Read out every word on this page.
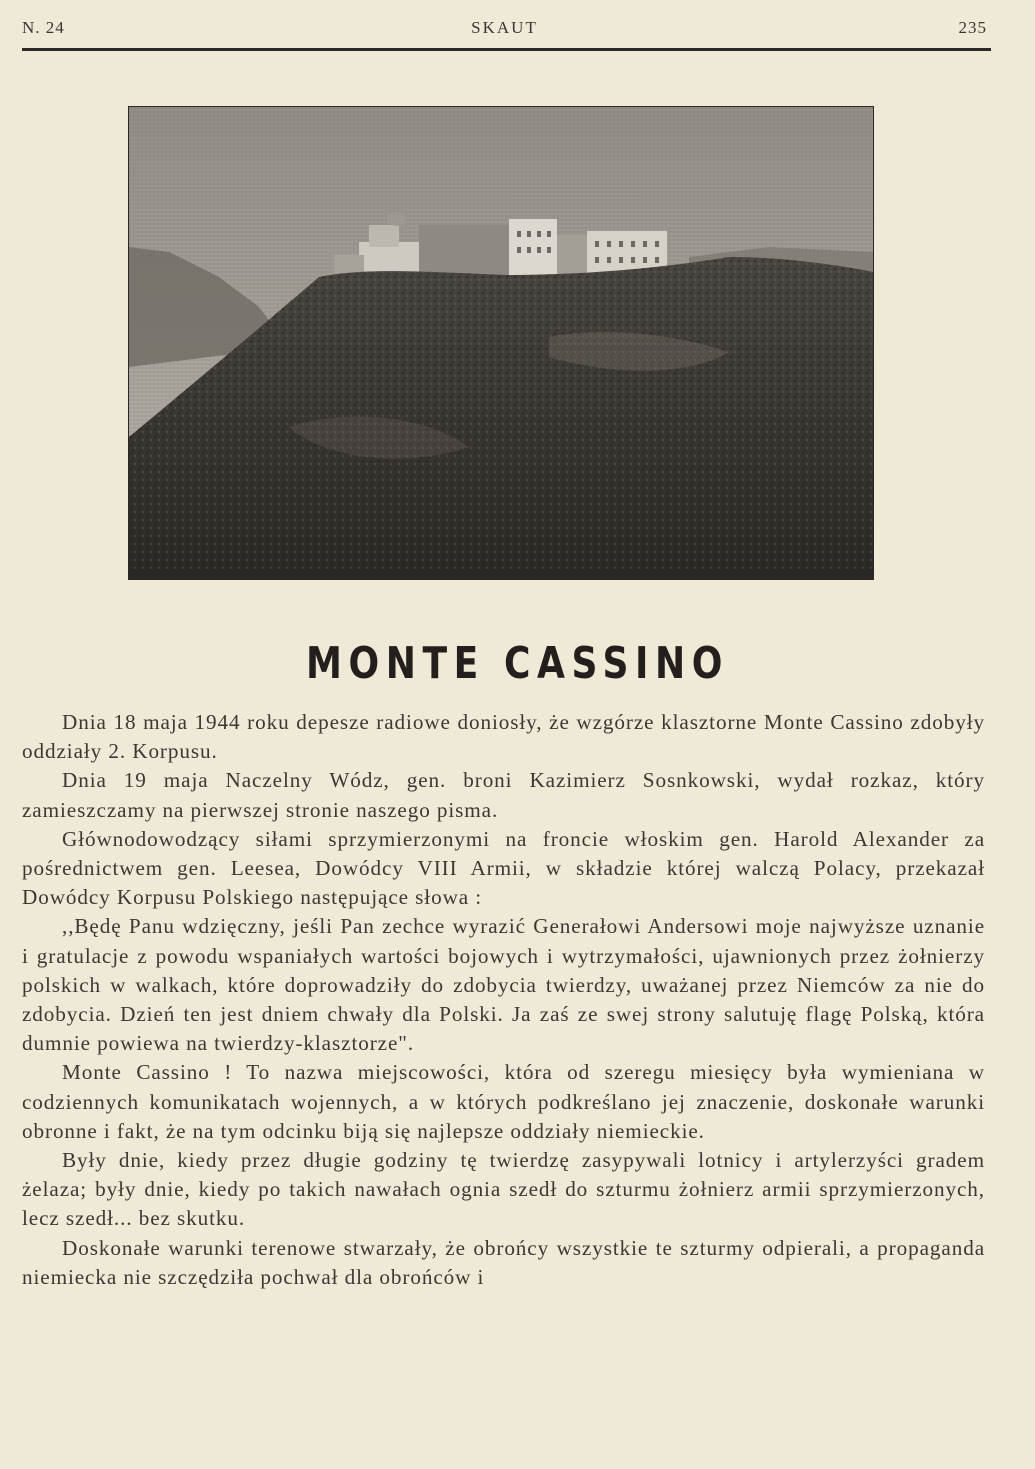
N. 24	SKAUT	235
MONTE CASSINO

Dnia 18 maja 1944 roku depesze radiowe doniosły, że wzgórze klasztorne Monte Cassino zdobyły oddziały 2. Korpusu.

Dnia 19 maja Naczelny Wódz, gen. broni Kazimierz Sosnkowski, wydał rozkaz, który zamieszczamy na pierwszej stronie naszego pisma.

Głównodowodzący siłami sprzymierzonymi na froncie włoskim gen. Harold Alexander za pośrednictwem gen. Leesea, Dowódcy VIII Armii, w składzie której walczą Polacy, przekazał Dowódcy Korpusu Polskiego następujące słowa :

,,Będę Panu wdzięczny, jeśli Pan zechce wyrazić Generałowi Andersowi moje najwyższe uznanie i gratulacje z powodu wspaniałych wartości bojowych i wytrzymałości, ujawnionych przez żołnierzy polskich w walkach, które doprowadziły do zdobycia twierdzy, uważanej przez Niemców za nie do zdobycia. Dzień ten jest dniem chwały dla Polski. Ja zaś ze swej strony salutuję flagę Polską, która dumnie powiewa na twierdzy-klasztorze".

Monte Cassino ! To nazwa miejscowości, która od szeregu miesięcy była wymieniana w codziennych komunikatach wojennych, a w których podkreślano jej znaczenie, doskonałe warunki obronne i fakt, że na tym odcinku biją się najlepsze oddziały niemieckie.

Były dnie, kiedy przez długie godziny tę twierdzę zasypywali lotnicy i artylerzyści gradem żelaza; były dnie, kiedy po takich nawałach ognia szedł do szturmu żołnierz armii sprzymierzonych, lecz szedł... bez skutku.

Doskonałe warunki terenowe stwarzały, że obrońcy wszystkie te szturmy odpierali, a propaganda niemiecka nie szczędziła pochwał dla obrońców i
